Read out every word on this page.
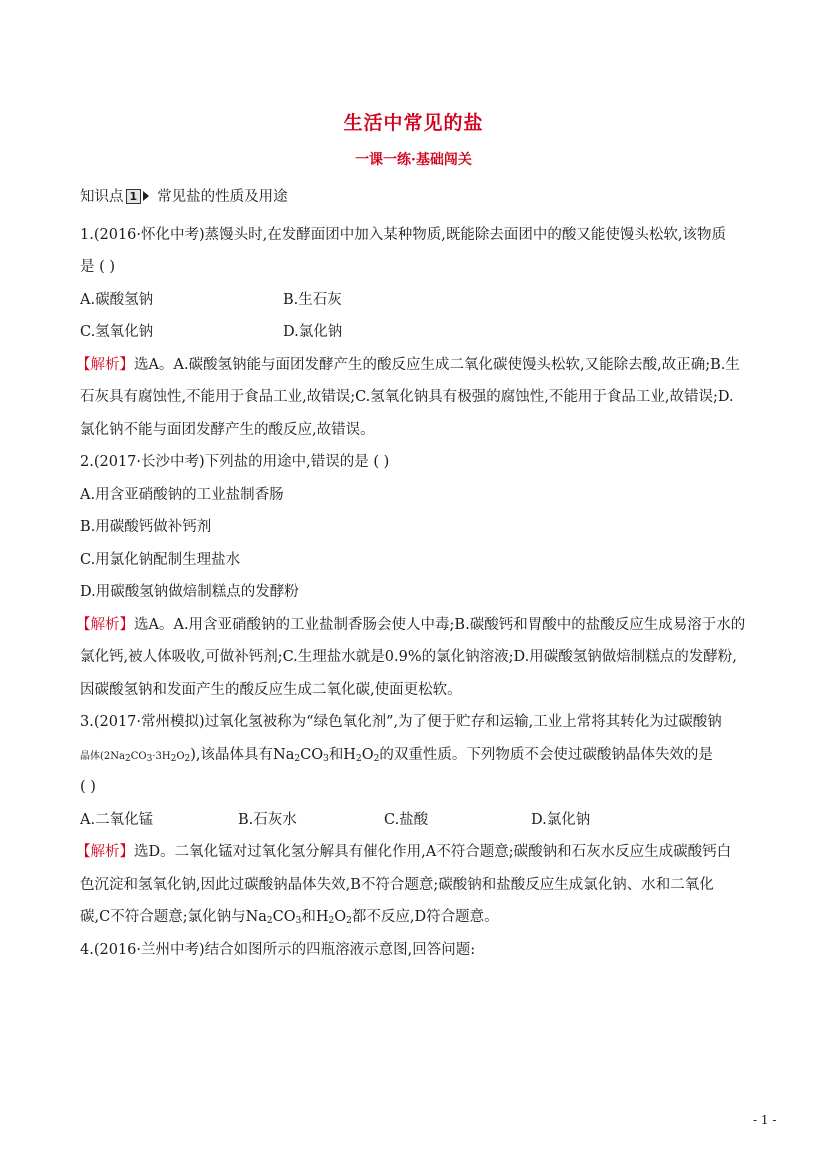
生活中常见的盐
一课一练·基础闯关
知识点 1 常见盐的性质及用途
1.(2016·怀化中考)蒸馒头时,在发酵面团中加入某种物质,既能除去面团中的酸又能使馒头松软,该物质
是 ( )
A.碳酸氢钠	B.生石灰
C.氢氧化钠	D.氯化钠
【解析】选A。A.碳酸氢钠能与面团发酵产生的酸反应生成二氧化碳使馒头松软,又能除去酸,故正确;B.生
石灰具有腐蚀性,不能用于食品工业,故错误;C.氢氧化钠具有极强的腐蚀性,不能用于食品工业,故错误;D.
氯化钠不能与面团发酵产生的酸反应,故错误。
2.(2017·长沙中考)下列盐的用途中,错误的是 ( )
A.用含亚硝酸钠的工业盐制香肠
B.用碳酸钙做补钙剂
C.用氯化钠配制生理盐水
D.用碳酸氢钠做焙制糕点的发酵粉
【解析】选A。A.用含亚硝酸钠的工业盐制香肠会使人中毒;B.碳酸钙和胃酸中的盐酸反应生成易溶于水的
氯化钙,被人体吸收,可做补钙剂;C.生理盐水就是0.9%的氯化钠溶液;D.用碳酸氢钠做焙制糕点的发酵粉,
因碳酸氢钠和发面产生的酸反应生成二氧化碳,使面更松软。
3.(2017·常州模拟)过氧化氢被称为“绿色氧化剂”,为了便于贮存和运输,工业上常将其转化为过碳酸钠
晶体$(2Na_2CO_3\cdot 3H_2O_2)$,该晶体具有$Na_2CO_3$和$H_2O_2$的双重性质。下列物质不会使过碳酸钠晶体失效的是
( )
A.二氧化锰	B.石灰水	C.盐酸	D.氯化钠
【解析】选D。二氧化锰对过氧化氢分解具有催化作用,A不符合题意;碳酸钠和石灰水反应生成碳酸钙白
色沉淀和氢氧化钠,因此过碳酸钠晶体失效,B不符合题意;碳酸钠和盐酸反应生成氯化钠、水和二氧化
碳,C不符合题意;氯化钠与$Na_2CO_3$和$H_2O_2$都不反应,D符合题意。
4.(2016·兰州中考)结合如图所示的四瓶溶液示意图,回答问题:
- 1 -
